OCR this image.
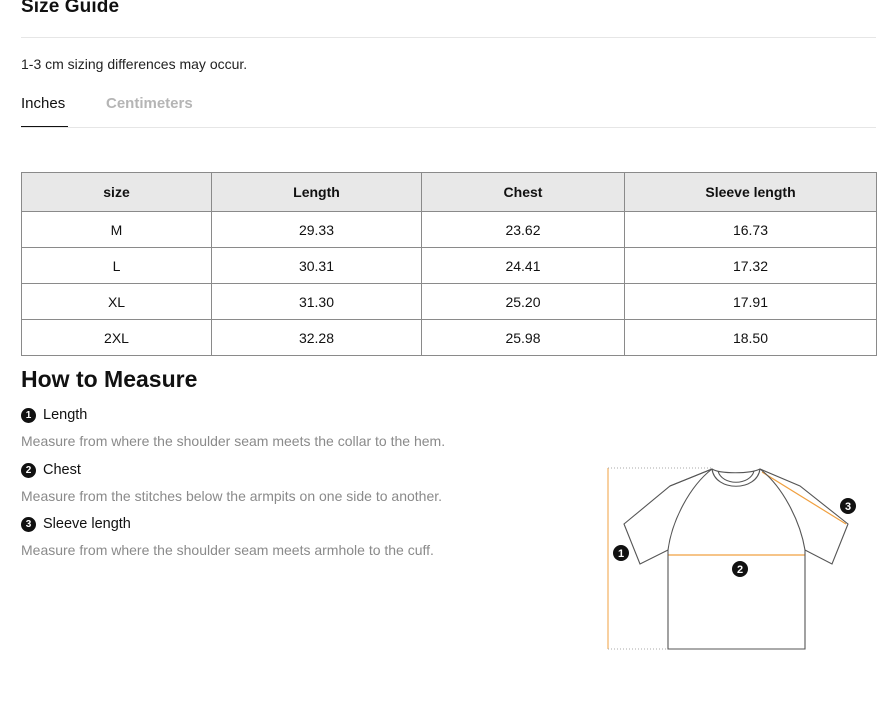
Size Guide
1-3 cm sizing differences may occur.
Inches	Centimeters
size	Length	Chest	Sleeve length
M	29.33	23.62	16.73
L	30.31	24.41	17.32
XL	31.30	25.20	17.91
2XL	32.28	25.98	18.50
How to Measure
1 Length
Measure from where the shoulder seam meets the collar to the hem.
2 Chest
Measure from the stitches below the armpits on one side to another.
3 Sleeve length
Measure from where the shoulder seam meets armhole to the cuff.	1
2
3
